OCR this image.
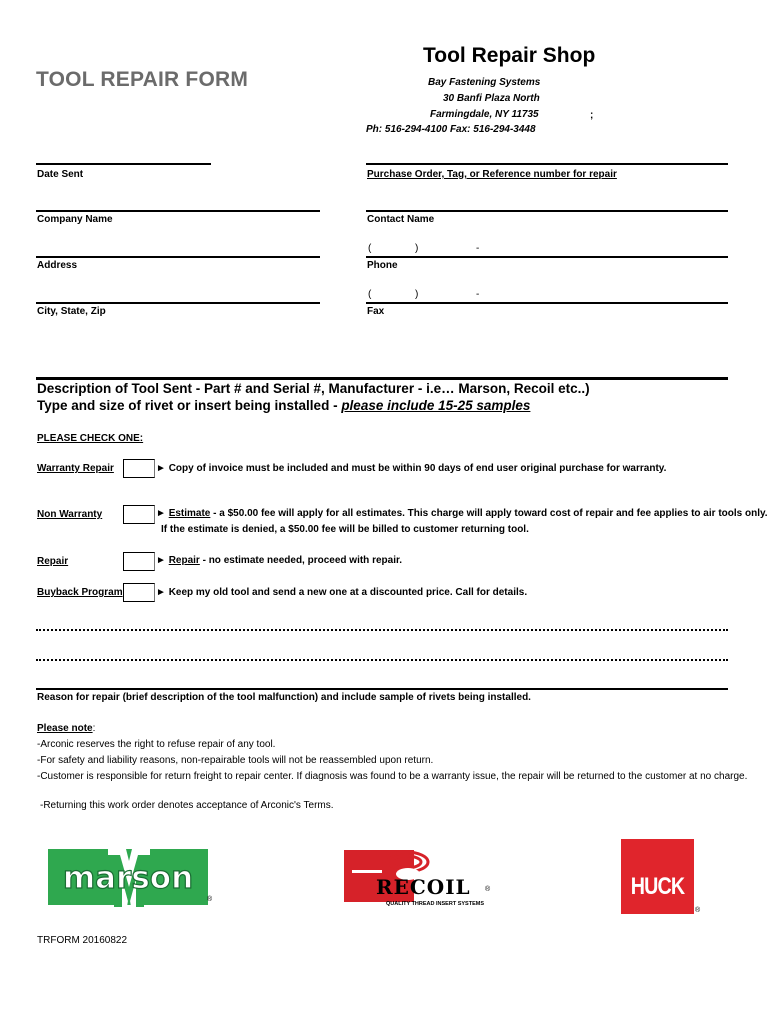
TOOL REPAIR FORM
Tool Repair Shop
Bay Fastening Systems
30 Banfi Plaza North
Farmingdale, NY 11735	;
Ph: 516-294-4100 Fax: 516-294-3448
Date Sent	Purchase Order, Tag, or Reference number for repair
Company Name	Contact Name
(	)	-
Address	Phone
(	)	-
City, State, Zip	Fax
Description of Tool Sent - Part # and Serial #, Manufacturer - i.e… Marson, Recoil etc..)
Type and size of rivet or insert being installed - please include 15-25 samples
PLEASE CHECK ONE:
Warranty Repair	► Copy of invoice must be included and must be within 90 days of end user original purchase for warranty.
Non Warranty	► Estimate - a $50.00 fee will apply for all estimates. This charge will apply toward cost of repair and fee applies to air tools only.
If the estimate is denied, a $50.00 fee will be billed to customer returning tool.
Repair	► Repair - no estimate needed, proceed with repair.
Buyback Program	► Keep my old tool and send a new one at a discounted price. Call for details.
Reason for repair (brief description of the tool malfunction) and include sample of rivets being installed.
Please note:
-Arconic reserves the right to refuse repair of any tool.
-For safety and liability reasons, non-repairable tools will not be reassembled upon return.
-Customer is responsible for return freight to repair center. If diagnosis was found to be a warranty issue, the repair will be returned to the customer at no charge.
-Returning this work order denotes acceptance of Arconic's Terms.
marson
®
RECOIL
QUALITY THREAD INSERT SYSTEMS
®	HUCK
®
TRFORM 20160822
